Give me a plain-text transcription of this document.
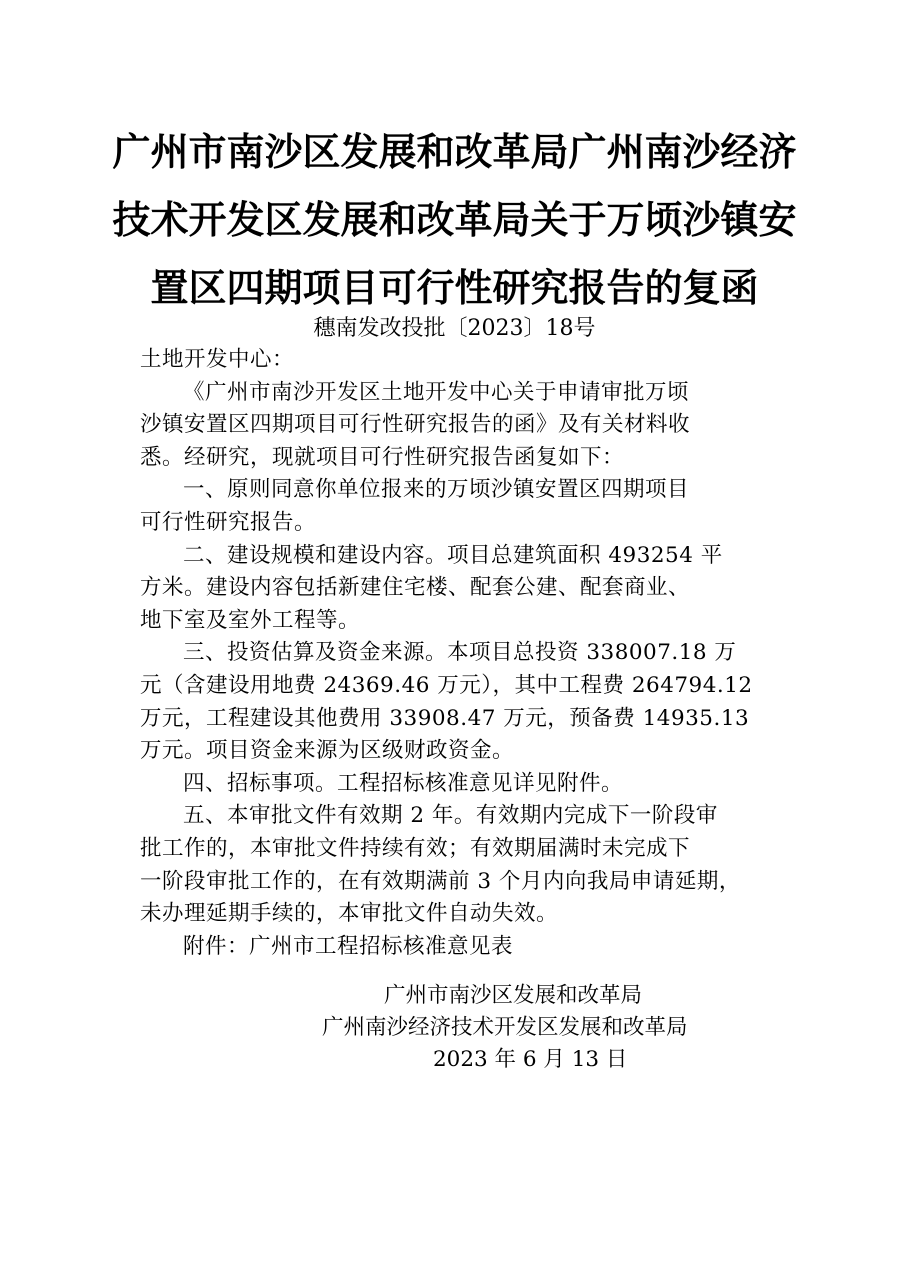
广州市南沙区发展和改革局广州南沙经济
技术开发区发展和改革局关于万顷沙镇安
置区四期项目可行性研究报告的复函
穗南发改投批〔2023〕18号
土地开发中心：
《广州市南沙开发区土地开发中心关于申请审批万顷
沙镇安置区四期项目可行性研究报告的函》及有关材料收
悉。经研究，现就项目可行性研究报告函复如下：
一、原则同意你单位报来的万顷沙镇安置区四期项目
可行性研究报告。
二、建设规模和建设内容。项目总建筑面积 493254 平
方米。建设内容包括新建住宅楼、配套公建、配套商业、
地下室及室外工程等。
三、投资估算及资金来源。本项目总投资 338007.18 万
元（含建设用地费 24369.46 万元），其中工程费 264794.12
万元，工程建设其他费用 33908.47 万元，预备费 14935.13
万元。项目资金来源为区级财政资金。
四、招标事项。工程招标核准意见详见附件。
五、本审批文件有效期 2 年。有效期内完成下一阶段审
批工作的，本审批文件持续有效；有效期届满时未完成下
一阶段审批工作的，在有效期满前 3 个月内向我局申请延期，
未办理延期手续的，本审批文件自动失效。
附件：广州市工程招标核准意见表
广州市南沙区发展和改革局
广州南沙经济技术开发区发展和改革局
2023 年 6 月 13 日
